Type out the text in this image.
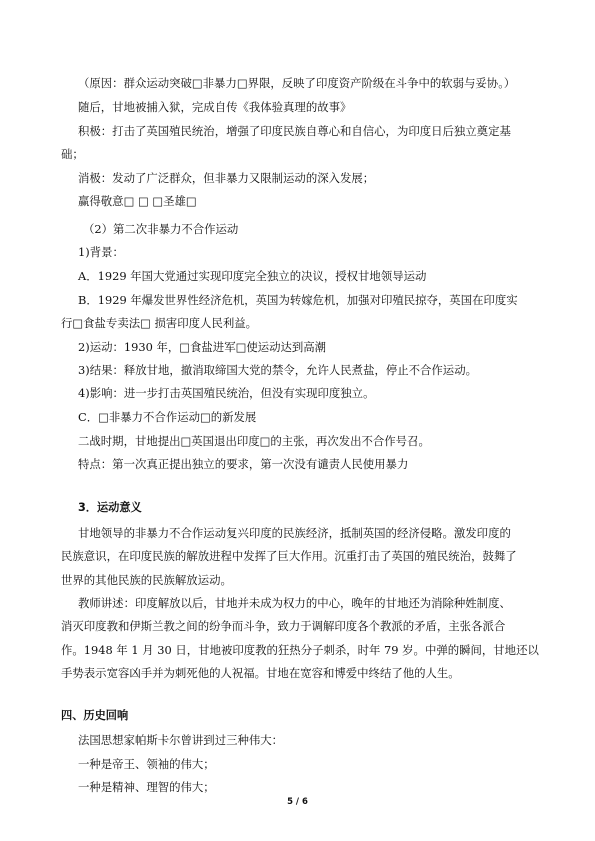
（原因：群众运动突破□非暴力□界限，反映了印度资产阶级在斗争中的软弱与妥协。）
随后，甘地被捕入狱，完成自传《我体验真理的故事》
积极：打击了英国殖民统治，增强了印度民族自尊心和自信心，为印度日后独立奠定基
础；
消极：发动了广泛群众，但非暴力又限制运动的深入发展；
赢得敬意□ □ □圣雄□
（2）第二次非暴力不合作运动
1)背景：
A．1929 年国大党通过实现印度完全独立的决议，授权甘地领导运动
B．1929 年爆发世界性经济危机，英国为转嫁危机，加强对印殖民掠夺，英国在印度实
行□食盐专卖法□ 损害印度人民利益。
2)运动：1930 年，□食盐进军□使运动达到高潮
3)结果：释放甘地，撤消取缔国大党的禁令，允许人民煮盐，停止不合作运动。
4)影响：进一步打击英国殖民统治，但没有实现印度独立。
C．□非暴力不合作运动□的新发展
二战时期，甘地提出□英国退出印度□的主张，再次发出不合作号召。
特点：第一次真正提出独立的要求，第一次没有谴责人民使用暴力
3．运动意义
甘地领导的非暴力不合作运动复兴印度的民族经济，抵制英国的经济侵略。激发印度的
民族意识，在印度民族的解放进程中发挥了巨大作用。沉重打击了英国的殖民统治，鼓舞了
世界的其他民族的民族解放运动。
教师讲述：印度解放以后，甘地并未成为权力的中心，晚年的甘地还为消除种姓制度、
消灭印度教和伊斯兰教之间的纷争而斗争，致力于调解印度各个教派的矛盾，主张各派合
作。1948 年 1 月 30 日，甘地被印度教的狂热分子刺杀，时年 79 岁。中弹的瞬间，甘地还以
手势表示宽容凶手并为刺死他的人祝福。甘地在宽容和博爱中终结了他的人生。
四、历史回响
法国思想家帕斯卡尔曾讲到过三种伟大：
一种是帝王、领袖的伟大；
一种是精神、理智的伟大；
5 / 6
